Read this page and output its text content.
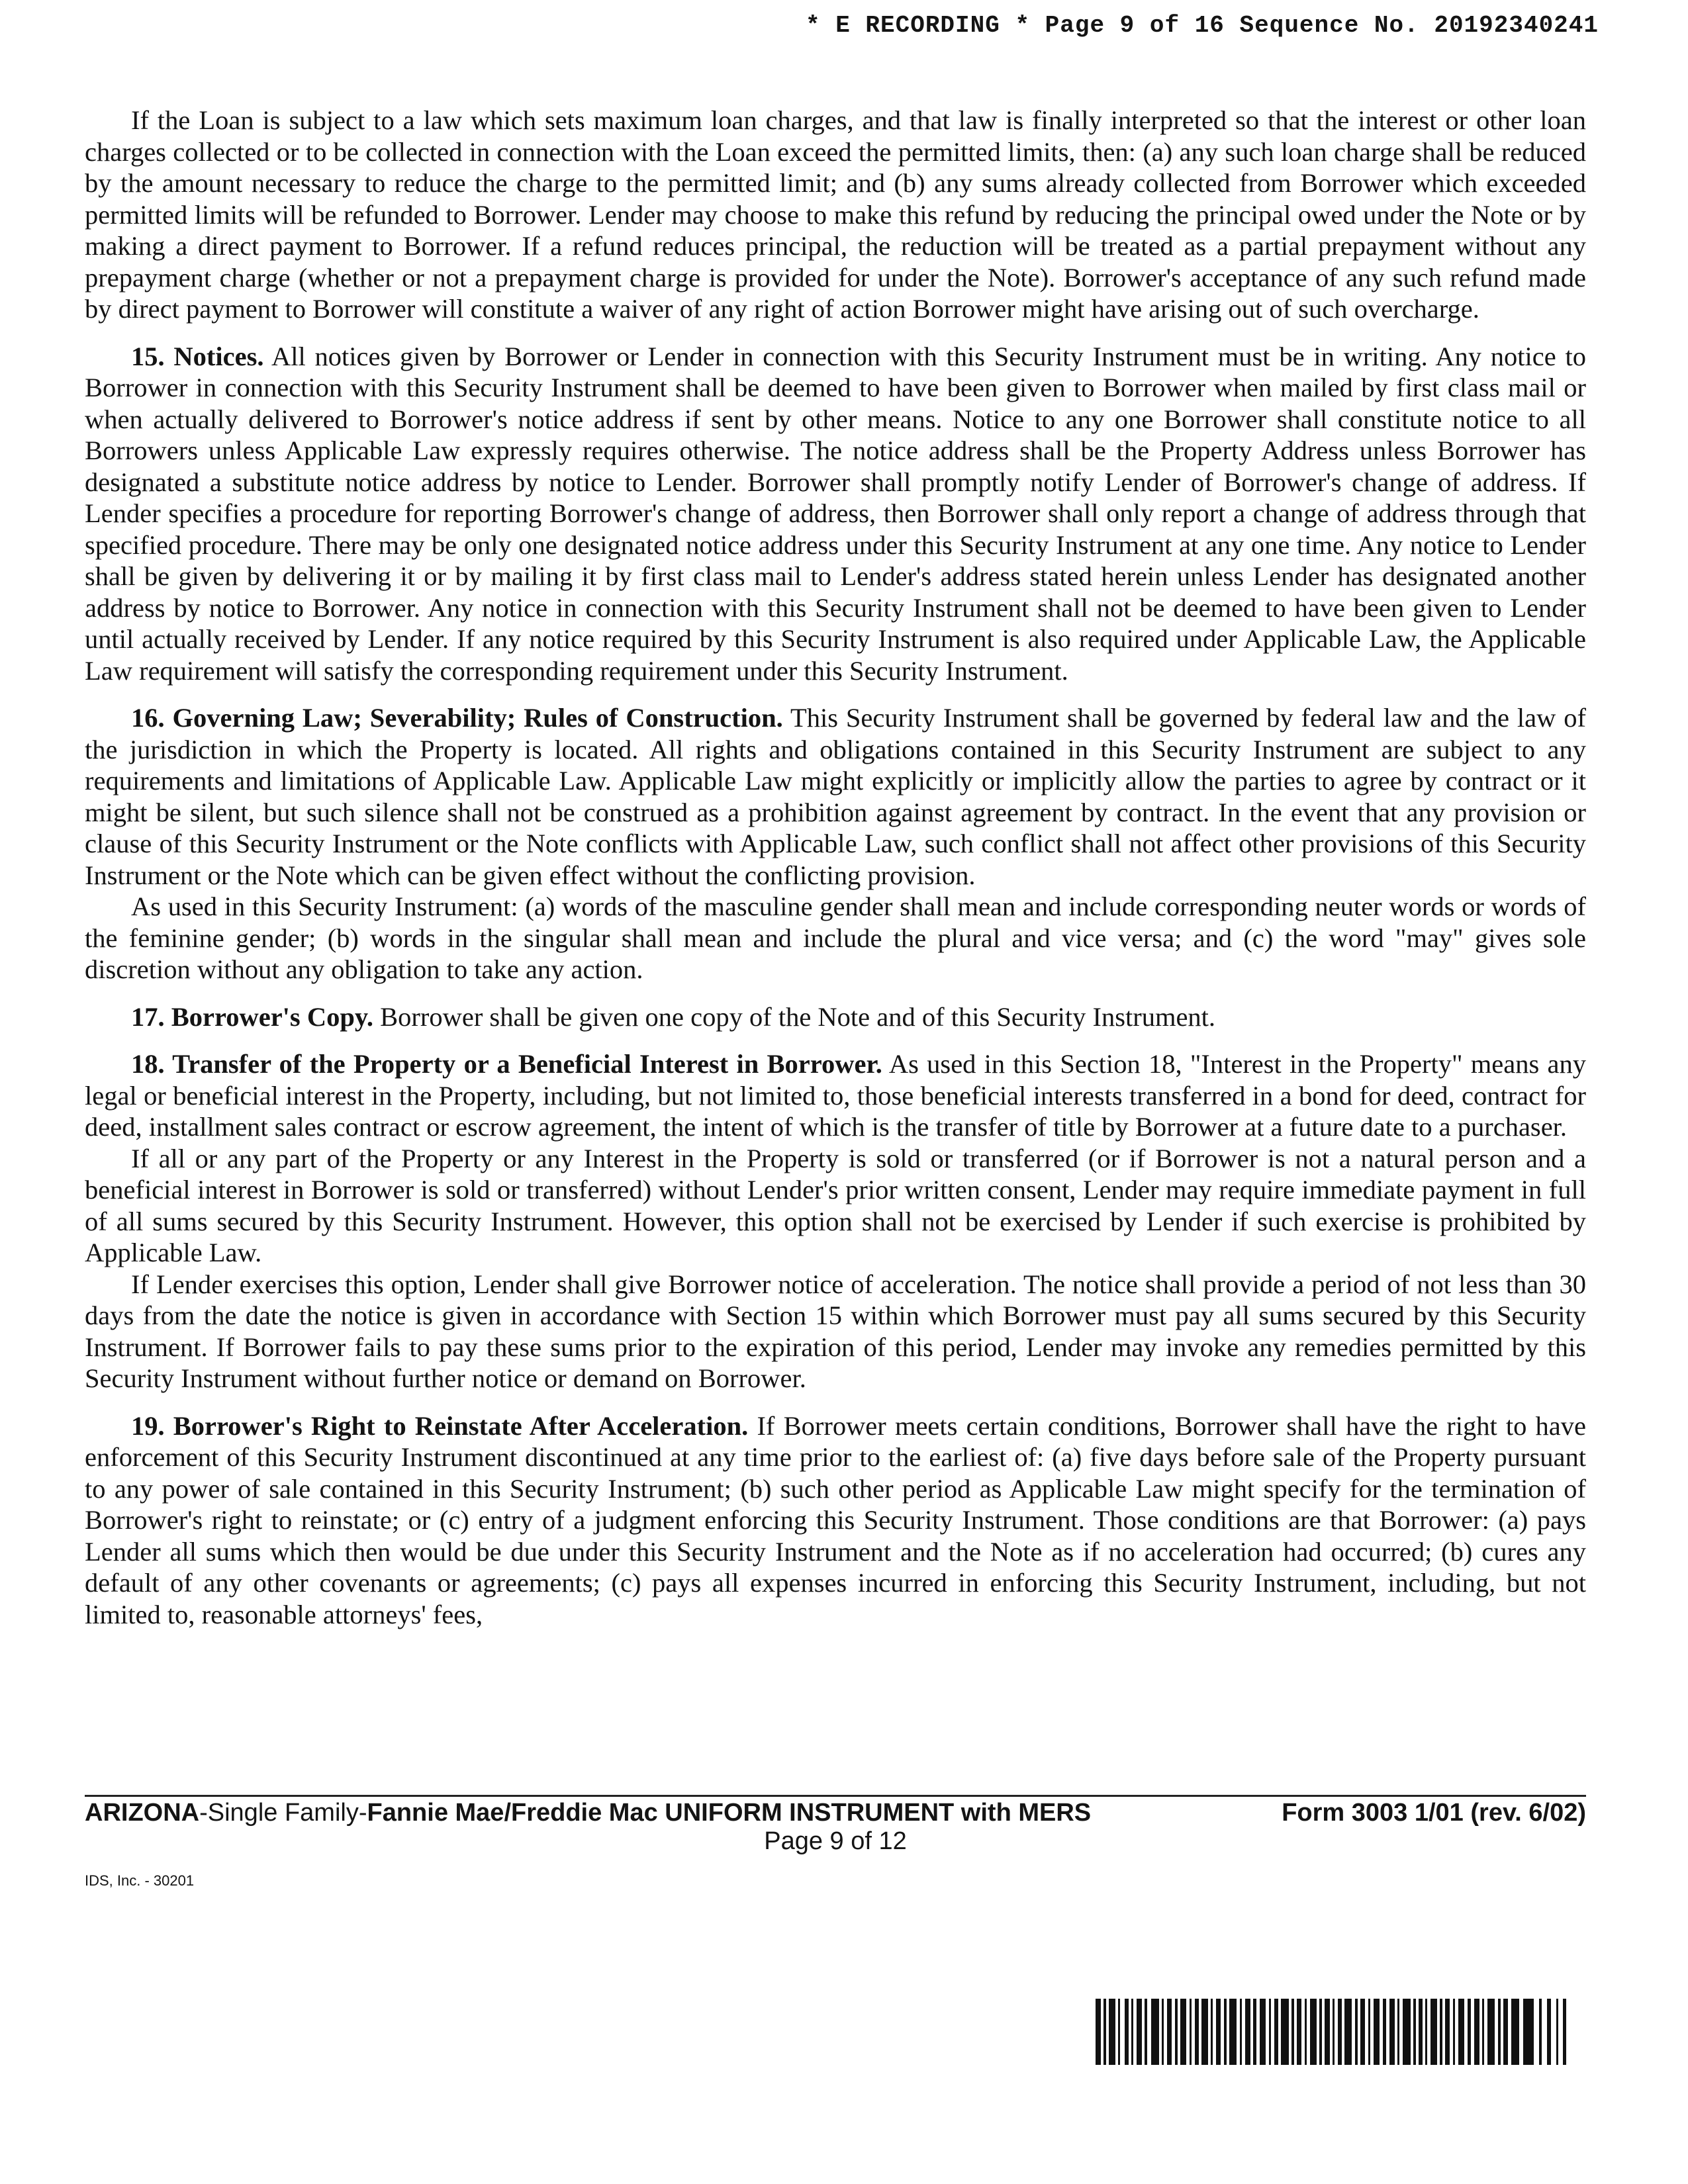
* E RECORDING * Page 9 of 16 Sequence No. 20192340241

If the Loan is subject to a law which sets maximum loan charges, and that law is finally interpreted so that the interest or other loan charges collected or to be collected in connection with the Loan exceed the permitted limits, then: (a) any such loan charge shall be reduced by the amount necessary to reduce the charge to the permitted limit; and (b) any sums already collected from Borrower which exceeded permitted limits will be refunded to Borrower. Lender may choose to make this refund by reducing the principal owed under the Note or by making a direct payment to Borrower. If a refund reduces principal, the reduction will be treated as a partial prepayment without any prepayment charge (whether or not a prepayment charge is provided for under the Note). Borrower's acceptance of any such refund made by direct payment to Borrower will constitute a waiver of any right of action Borrower might have arising out of such overcharge.

15. Notices. All notices given by Borrower or Lender in connection with this Security Instrument must be in writing. Any notice to Borrower in connection with this Security Instrument shall be deemed to have been given to Borrower when mailed by first class mail or when actually delivered to Borrower's notice address if sent by other means. Notice to any one Borrower shall constitute notice to all Borrowers unless Applicable Law expressly requires otherwise. The notice address shall be the Property Address unless Borrower has designated a substitute notice address by notice to Lender. Borrower shall promptly notify Lender of Borrower's change of address. If Lender specifies a procedure for reporting Borrower's change of address, then Borrower shall only report a change of address through that specified procedure. There may be only one designated notice address under this Security Instrument at any one time. Any notice to Lender shall be given by delivering it or by mailing it by first class mail to Lender's address stated herein unless Lender has designated another address by notice to Borrower. Any notice in connection with this Security Instrument shall not be deemed to have been given to Lender until actually received by Lender. If any notice required by this Security Instrument is also required under Applicable Law, the Applicable Law requirement will satisfy the corresponding requirement under this Security Instrument.

16. Governing Law; Severability; Rules of Construction. This Security Instrument shall be governed by federal law and the law of the jurisdiction in which the Property is located. All rights and obligations contained in this Security Instrument are subject to any requirements and limitations of Applicable Law. Applicable Law might explicitly or implicitly allow the parties to agree by contract or it might be silent, but such silence shall not be construed as a prohibition against agreement by contract. In the event that any provision or clause of this Security Instrument or the Note conflicts with Applicable Law, such conflict shall not affect other provisions of this Security Instrument or the Note which can be given effect without the conflicting provision.

As used in this Security Instrument: (a) words of the masculine gender shall mean and include corresponding neuter words or words of the feminine gender; (b) words in the singular shall mean and include the plural and vice versa; and (c) the word "may" gives sole discretion without any obligation to take any action.

17. Borrower's Copy. Borrower shall be given one copy of the Note and of this Security Instrument.

18. Transfer of the Property or a Beneficial Interest in Borrower. As used in this Section 18, "Interest in the Property" means any legal or beneficial interest in the Property, including, but not limited to, those beneficial interests transferred in a bond for deed, contract for deed, installment sales contract or escrow agreement, the intent of which is the transfer of title by Borrower at a future date to a purchaser.

If all or any part of the Property or any Interest in the Property is sold or transferred (or if Borrower is not a natural person and a beneficial interest in Borrower is sold or transferred) without Lender's prior written consent, Lender may require immediate payment in full of all sums secured by this Security Instrument. However, this option shall not be exercised by Lender if such exercise is prohibited by Applicable Law.

If Lender exercises this option, Lender shall give Borrower notice of acceleration. The notice shall provide a period of not less than 30 days from the date the notice is given in accordance with Section 15 within which Borrower must pay all sums secured by this Security Instrument. If Borrower fails to pay these sums prior to the expiration of this period, Lender may invoke any remedies permitted by this Security Instrument without further notice or demand on Borrower.

19. Borrower's Right to Reinstate After Acceleration. If Borrower meets certain conditions, Borrower shall have the right to have enforcement of this Security Instrument discontinued at any time prior to the earliest of: (a) five days before sale of the Property pursuant to any power of sale contained in this Security Instrument; (b) such other period as Applicable Law might specify for the termination of Borrower's right to reinstate; or (c) entry of a judgment enforcing this Security Instrument. Those conditions are that Borrower: (a) pays Lender all sums which then would be due under this Security Instrument and the Note as if no acceleration had occurred; (b) cures any default of any other covenants or agreements; (c) pays all expenses incurred in enforcing this Security Instrument, including, but not limited to, reasonable attorneys' fees,

ARIZONA-Single Family-Fannie Mae/Freddie Mac UNIFORM INSTRUMENT with MERS	Form 3003 1/01 (rev. 6/02)
Page 9 of 12
IDS, Inc. - 30201
